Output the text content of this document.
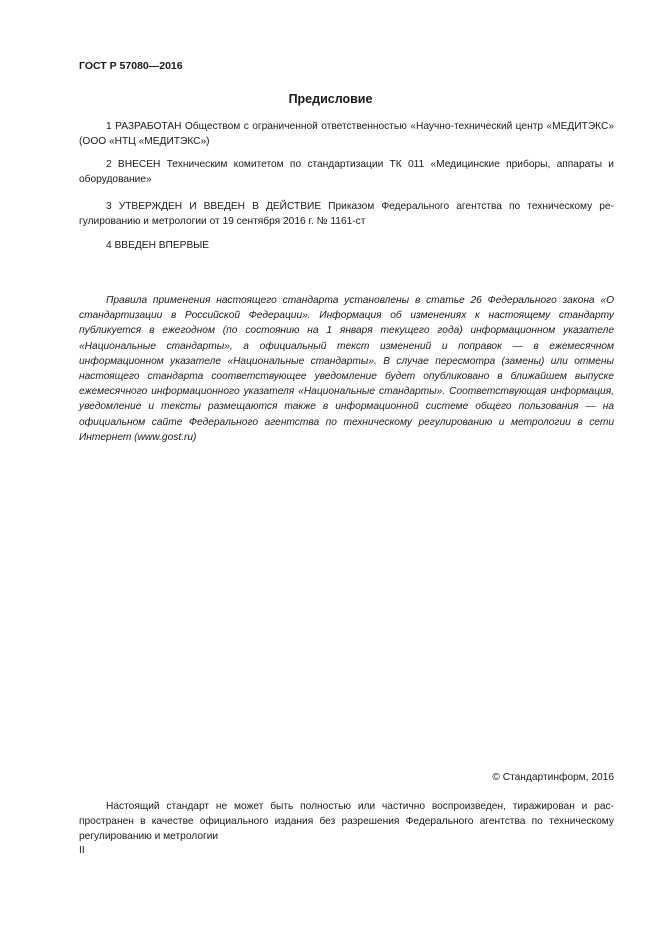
ГОСТ Р 57080—2016
Предисловие

1 РАЗРАБОТАН Обществом с ограниченной ответственностью «Научно-технический центр «МЕДИТЭКС» (ООО «НТЦ «МЕДИТЭКС»)

2 ВНЕСЕН Техническим комитетом по стандартизации ТК 011 «Медицинские приборы, аппараты и оборудование»

3 УТВЕРЖДЕН И ВВЕДЕН В ДЕЙСТВИЕ Приказом Федерального агентства по техническому регулированию и метрологии от 19 сентября 2016 г. № 1161-ст

4 ВВЕДЕН ВПЕРВЫЕ

Правила применения настоящего стандарта установлены в статье 26 Федерального закона «О стандартизации в Российской Федерации». Информация об изменениях к настоящему стандарту публикуется в ежегодном (по состоянию на 1 января текущего года) информационном указателе «Национальные стандарты», а официальный текст изменений и поправок — в ежемесячном информационном указателе «Национальные стандарты». В случае пересмотра (замены) или отмены настоящего стандарта соответствующее уведомление будет опубликовано в ближайшем выпуске ежемесячного информационного указателя «Национальные стандарты». Соответствующая информация, уведомление и тексты размещаются также в информационной системе общего пользования — на официальном сайте Федерального агентства по техническому регулированию и метрологии в сети Интернет (www.gost.ru)

© Стандартинформ, 2016

Настоящий стандарт не может быть полностью или частично воспроизведен, тиражирован и распространен в качестве официального издания без разрешения Федерального агентства по техническому регулированию и метрологии

II
